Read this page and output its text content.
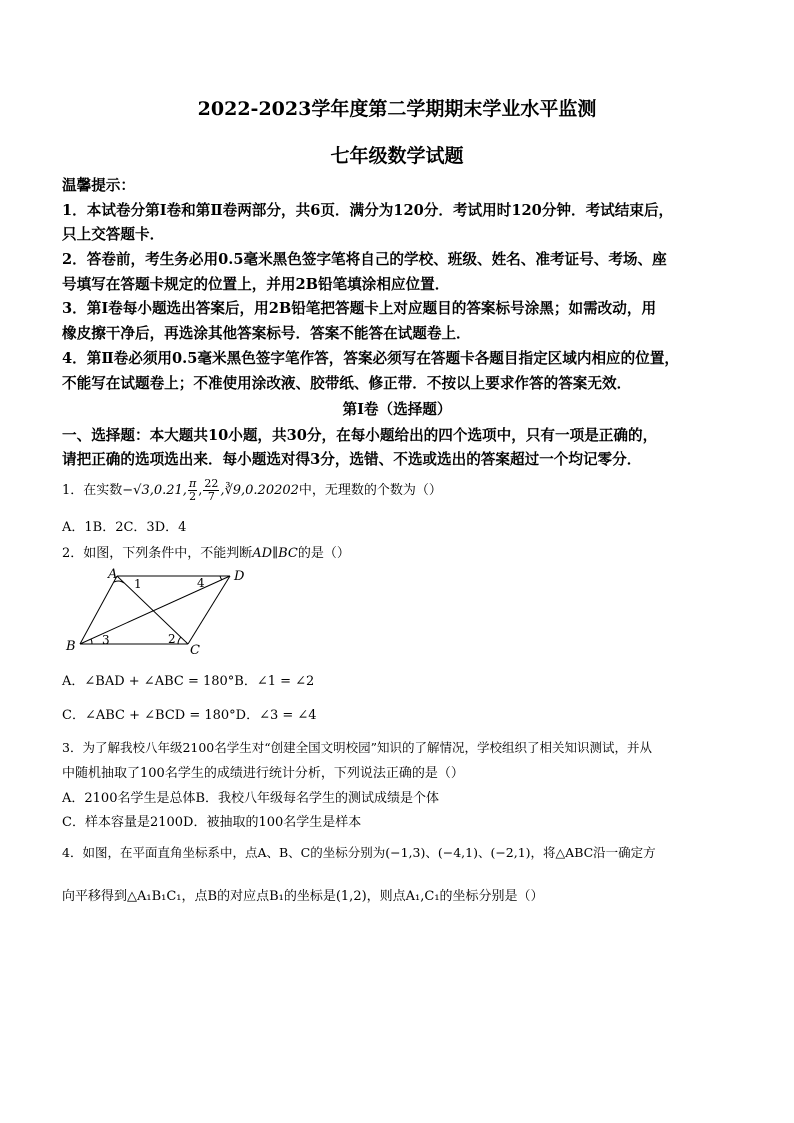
2022-2023学年度第二学期期末学业水平监测
七年级数学试题
温馨提示：
1．本试卷分第Ⅰ卷和第Ⅱ卷两部分，共6页．满分为120分．考试用时120分钟．考试结束后，
只上交答题卡．
2．答卷前，考生务必用0.5毫米黑色签字笔将自己的学校、班级、姓名、准考证号、考场、座
号填写在答题卡规定的位置上，并用2B铅笔填涂相应位置．
3．第Ⅰ卷每小题选出答案后，用2B铅笔把答题卡上对应题目的答案标号涂黑；如需改动，用
橡皮擦干净后，再选涂其他答案标号．答案不能答在试题卷上．
4．第Ⅱ卷必须用0.5毫米黑色签字笔作答，答案必须写在答题卡各题目指定区域内相应的位置，
不能写在试题卷上；不准使用涂改液、胶带纸、修正带．不按以上要求作答的答案无效．
第Ⅰ卷（选择题）
一、选择题：本大题共10小题，共30分，在每小题给出的四个选项中，只有一项是正确的，
请把正确的选项选出来．每小题选对得3分，选错、不选或选出的答案超过一个均记零分．
1．在实数−√3,0.21, $\frac{\pi}{2}$ , $\frac{22}{7}$ ,∛9,0.20202中，无理数的个数为（）
A．1B．2C．3D．4
2．如图，下列条件中，不能判断AD∥BC的是（）
A	D
B	C
1	4
3	2
A．∠BAD + ∠ABC = 180°B．∠1 = ∠2
C．∠ABC + ∠BCD = 180°D．∠3 = ∠4
3．为了解我校八年级2100名学生对“创建全国文明校园”知识的了解情况，学校组织了相关知识测试，并从
中随机抽取了100名学生的成绩进行统计分析，下列说法正确的是（）
A．2100名学生是总体B．我校八年级每名学生的测试成绩是个体
C．样本容量是2100D．被抽取的100名学生是样本
4．如图，在平面直角坐标系中，点A、B、C的坐标分别为(−1,3)、(−4,1)、(−2,1)，将△ABC沿一确定方
向平移得到△A₁B₁C₁，点B的对应点B₁的坐标是(1,2)，则点A₁,C₁的坐标分别是（）
